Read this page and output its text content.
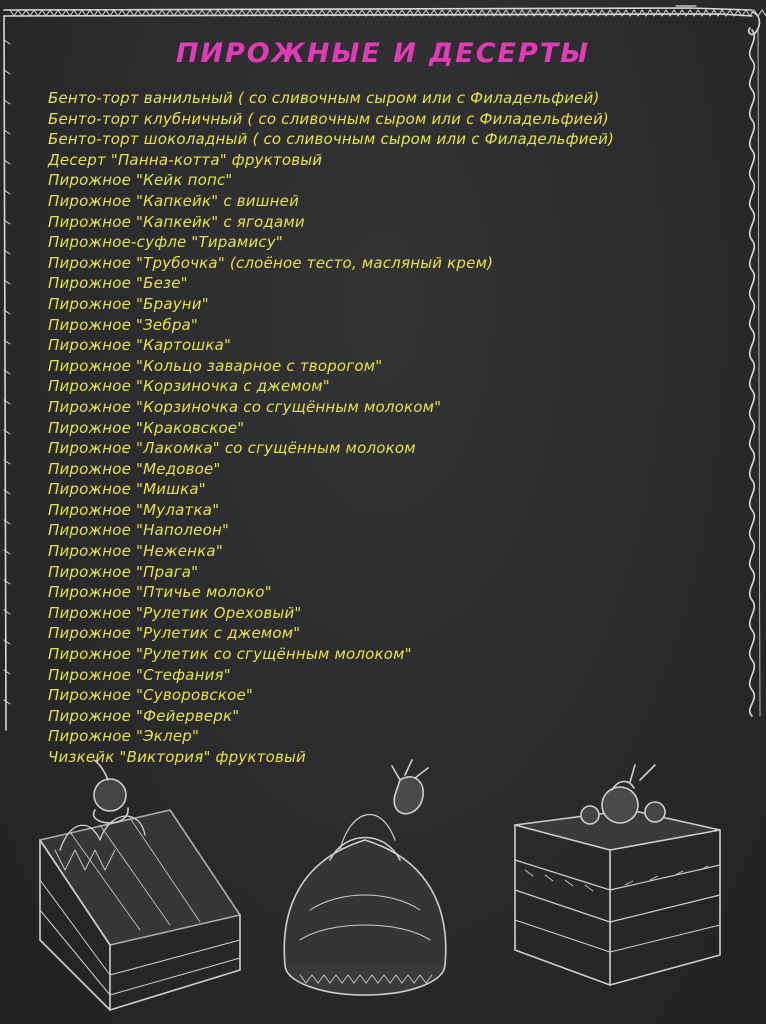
ПИРОЖНЫЕ И ДЕСЕРТЫ
Бенто-торт ванильный ( со сливочным сыром или с Филадельфией)
Бенто-торт клубничный ( со сливочным сыром или с Филадельфией)
Бенто-торт шоколадный ( со сливочным сыром или с Филадельфией)
Десерт "Панна-котта" фруктовый
Пирожное "Кейк попс"
Пирожное "Капкейк" с вишней
Пирожное "Капкейк" с ягодами
Пирожное-суфле "Тирамису"
Пирожное "Трубочка" (слоёное тесто, масляный крем)
Пирожное "Безе"
Пирожное "Брауни"
Пирожное "Зебра"
Пирожное "Картошка"
Пирожное "Кольцо заварное с творогом"
Пирожное "Корзиночка с джемом"
Пирожное "Корзиночка со сгущённым молоком"
Пирожное "Краковское"
Пирожное "Лакомка" со сгущённым молоком
Пирожное "Медовое"
Пирожное "Мишка"
Пирожное "Мулатка"
Пирожное "Наполеон"
Пирожное "Неженка"
Пирожное "Прага"
Пирожное "Птичье молоко"
Пирожное "Рулетик Ореховый"
Пирожное "Рулетик с джемом"
Пирожное "Рулетик со сгущённым молоком"
Пирожное "Стефания"
Пирожное "Суворовское"
Пирожное "Фейерверк"
Пирожное "Эклер"
Чизкейк "Виктория" фруктовый
